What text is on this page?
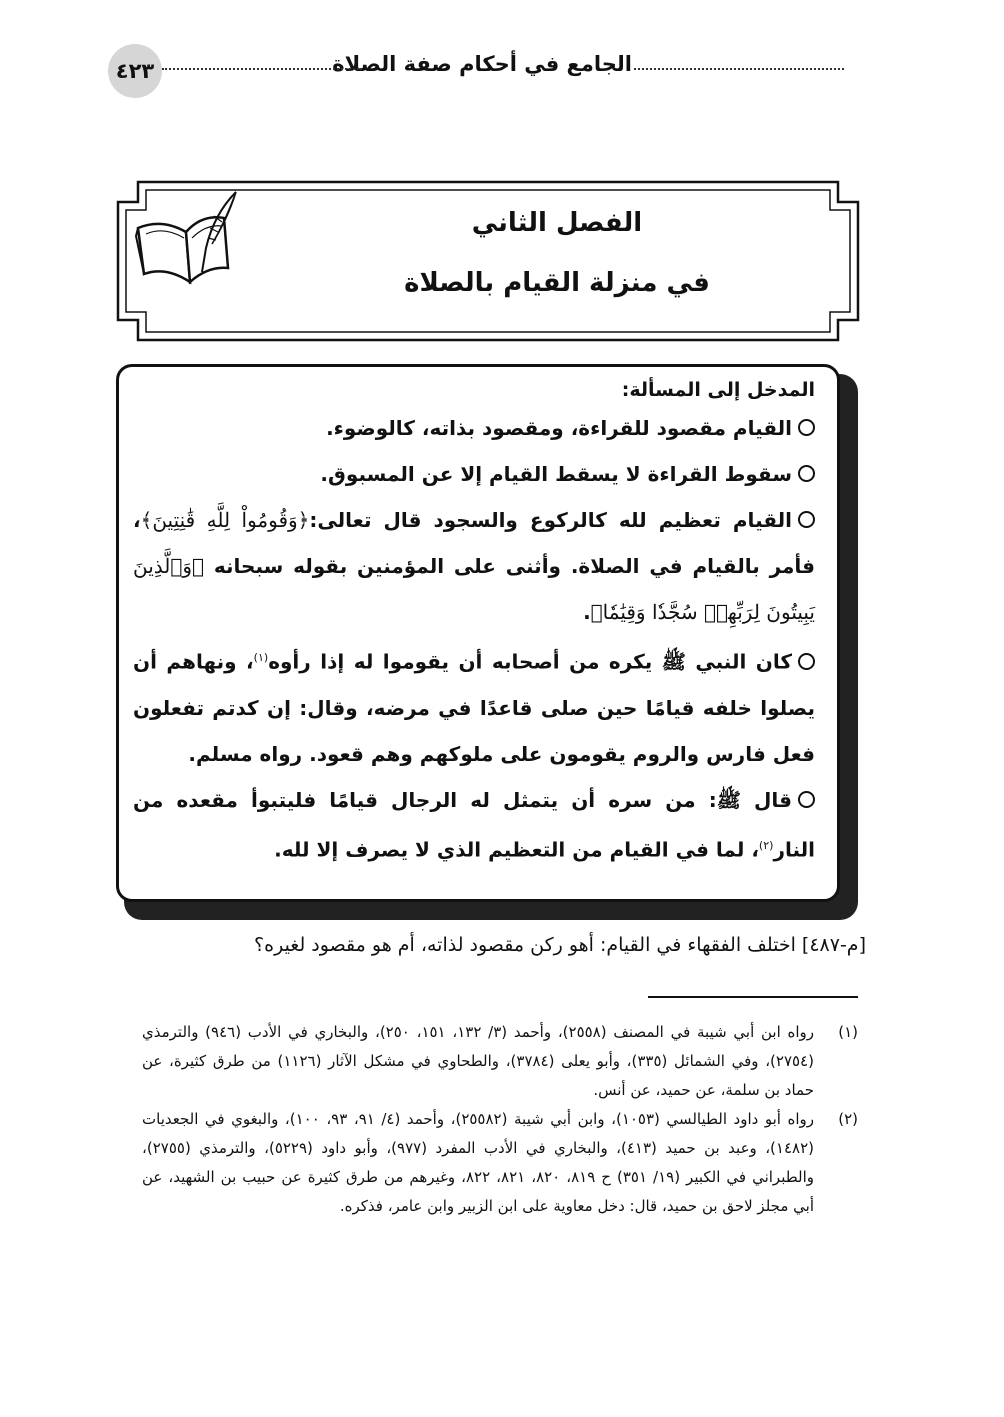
الجامع في أحكام صفة الصلاة
٤٢٣
الفصل الثاني
في منزلة القيام بالصلاة
المدخل إلى المسألة:
القيام مقصود للقراءة، ومقصود بذاته، كالوضوء.
سقوط القراءة لا يسقط القيام إلا عن المسبوق.
القيام تعظيم لله كالركوع والسجود قال تعالى:﴿وَقُومُواْ لِلَّهِ قَٰنِتِينَ﴾، فأمر بالقيام في الصلاة. وأثنى على المؤمنين بقوله سبحانه ﴿وَٱلَّذِينَ يَبِيتُونَ لِرَبِّهِمۡ سُجَّدٗا وَقِيَٰمٗا﴾.
كان النبي ﷺ يكره من أصحابه أن يقوموا له إذا رأوه$^{(١)}$، ونهاهم أن يصلوا خلفه قيامًا حين صلى قاعدًا في مرضه، وقال: إن كدتم تفعلون فعل فارس والروم يقومون على ملوكهم وهم قعود. رواه مسلم.
قال ﷺ: من سره أن يتمثل له الرجال قيامًا فليتبوأ مقعده من النار$^{(٢)}$، لما في القيام من التعظيم الذي لا يصرف إلا لله.
[م-٤٨٧] اختلف الفقهاء في القيام: أهو ركن مقصود لذاته، أم هو مقصود لغيره؟
(١)
رواه ابن أبي شيبة في المصنف (٢٥٥٨)، وأحمد (٣/ ١٣٢، ١٥١، ٢٥٠)، والبخاري في الأدب (٩٤٦) والترمذي (٢٧٥٤)، وفي الشمائل (٣٣٥)، وأبو يعلى (٣٧٨٤)، والطحاوي في مشكل الآثار (١١٢٦) من طرق كثيرة، عن حماد بن سلمة، عن حميد، عن أنس.
(٢)
رواه أبو داود الطيالسي (١٠٥٣)، وابن أبي شيبة (٢٥٥٨٢)، وأحمد (٤/ ٩١، ٩٣، ١٠٠)، والبغوي في الجعديات (١٤٨٢)، وعبد بن حميد (٤١٣)، والبخاري في الأدب المفرد (٩٧٧)، وأبو داود (٥٢٢٩)، والترمذي (٢٧٥٥)، والطبراني في الكبير (١٩/ ٣٥١) ح ٨١٩، ٨٢٠، ٨٢١، ٨٢٢، وغيرهم من طرق كثيرة عن حبيب بن الشهيد، عن أبي مجلز لاحق بن حميد، قال: دخل معاوية على ابن الزبير وابن عامر، فذكره.
